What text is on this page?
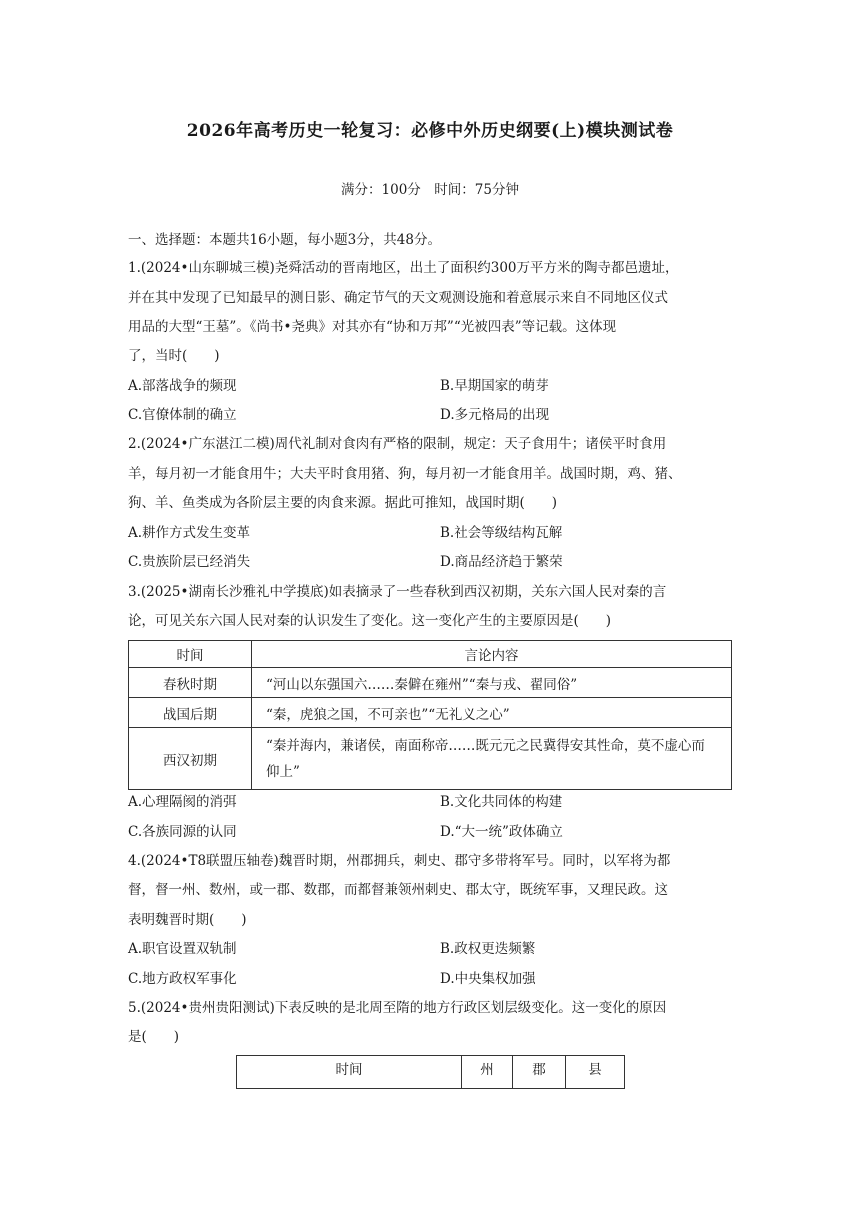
2026年高考历史一轮复习：必修中外历史纲要(上)模块测试卷
满分：100分　时间：75分钟
一、选择题：本题共16小题，每小题3分，共48分。
1.(2024•山东聊城三模)尧舜活动的晋南地区，出土了面积约300万平方米的陶寺都邑遗址，
并在其中发现了已知最早的测日影、确定节气的天文观测设施和着意展示来自不同地区仪式
用品的大型“王墓”。《尚书•尧典》对其亦有“协和万邦”“光被四表”等记载。这体现
了，当时(　　)
A.部落战争的频现	B.早期国家的萌芽
C.官僚体制的确立	D.多元格局的出现
2.(2024•广东湛江二模)周代礼制对食肉有严格的限制，规定：天子食用牛；诸侯平时食用
羊，每月初一才能食用牛；大夫平时食用猪、狗，每月初一才能食用羊。战国时期，鸡、猪、
狗、羊、鱼类成为各阶层主要的肉食来源。据此可推知，战国时期(　　)
A.耕作方式发生变革	B.社会等级结构瓦解
C.贵族阶层已经消失	D.商品经济趋于繁荣
3.(2025•湖南长沙雅礼中学摸底)如表摘录了一些春秋到西汉初期，关东六国人民对秦的言
论，可见关东六国人民对秦的认识发生了变化。这一变化产生的主要原因是(　　)
时间	言论内容
春秋时期	“河山以东强国六……秦僻在雍州”“秦与戎、翟同俗”
战国后期	“秦，虎狼之国，不可亲也”“无礼义之心”
西汉初期	“秦并海内，兼诸侯，南面称帝……既元元之民冀得安其性命，莫不虚心而仰上”
A.心理隔阂的消弭	B.文化共同体的构建
C.各族同源的认同	D.“大一统”政体确立
4.(2024•T8联盟压轴卷)魏晋时期，州郡拥兵，刺史、郡守多带将军号。同时，以军将为都
督，督一州、数州，或一郡、数郡，而都督兼领州刺史、郡太守，既统军事，又理民政。这
表明魏晋时期(　　)
A.职官设置双轨制	B.政权更迭频繁
C.地方政权军事化	D.中央集权加强
5.(2024•贵州贵阳测试)下表反映的是北周至隋的地方行政区划层级变化。这一变化的原因
是(　　)
时间	州	郡	县
